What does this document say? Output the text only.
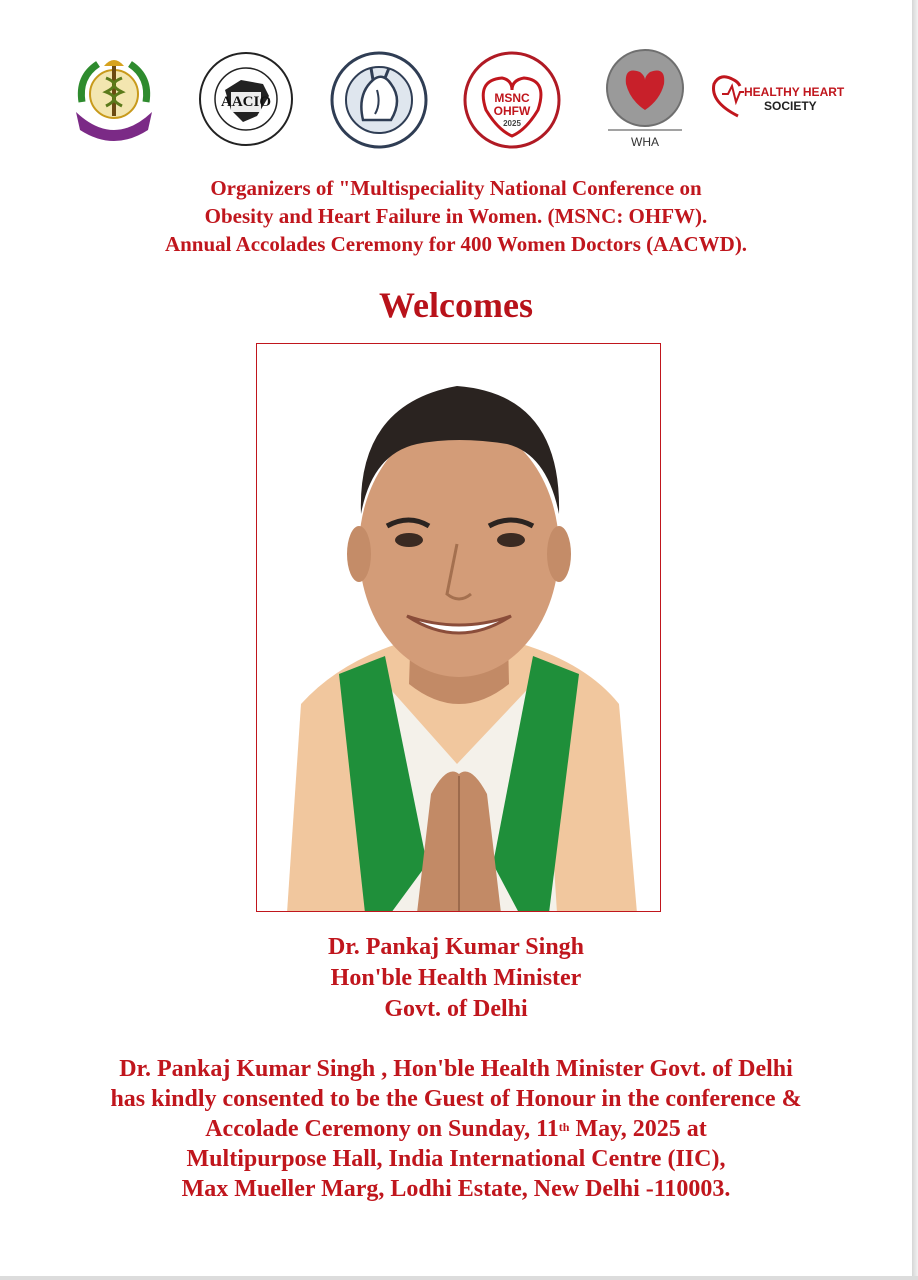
AACIO	MSNC
OHFW
2025
WHA
HEALTHY HEART
SOCIETY
Organizers of "Multispeciality National Conference on
Obesity and Heart Failure in Women. (MSNC: OHFW).
Annual Accolades Ceremony for 400 Women Doctors (AACWD).
Welcomes
Dr. Pankaj Kumar Singh
Hon'ble Health Minister
Govt. of Delhi
Dr. Pankaj Kumar Singh , Hon'ble Health Minister Govt. of Delhi
has kindly consented to be the Guest of Honour in the conference &
Accolade Ceremony on Sunday, 11th May, 2025 at
Multipurpose Hall, India International Centre (IIC),
Max Mueller Marg, Lodhi Estate, New Delhi -110003.
